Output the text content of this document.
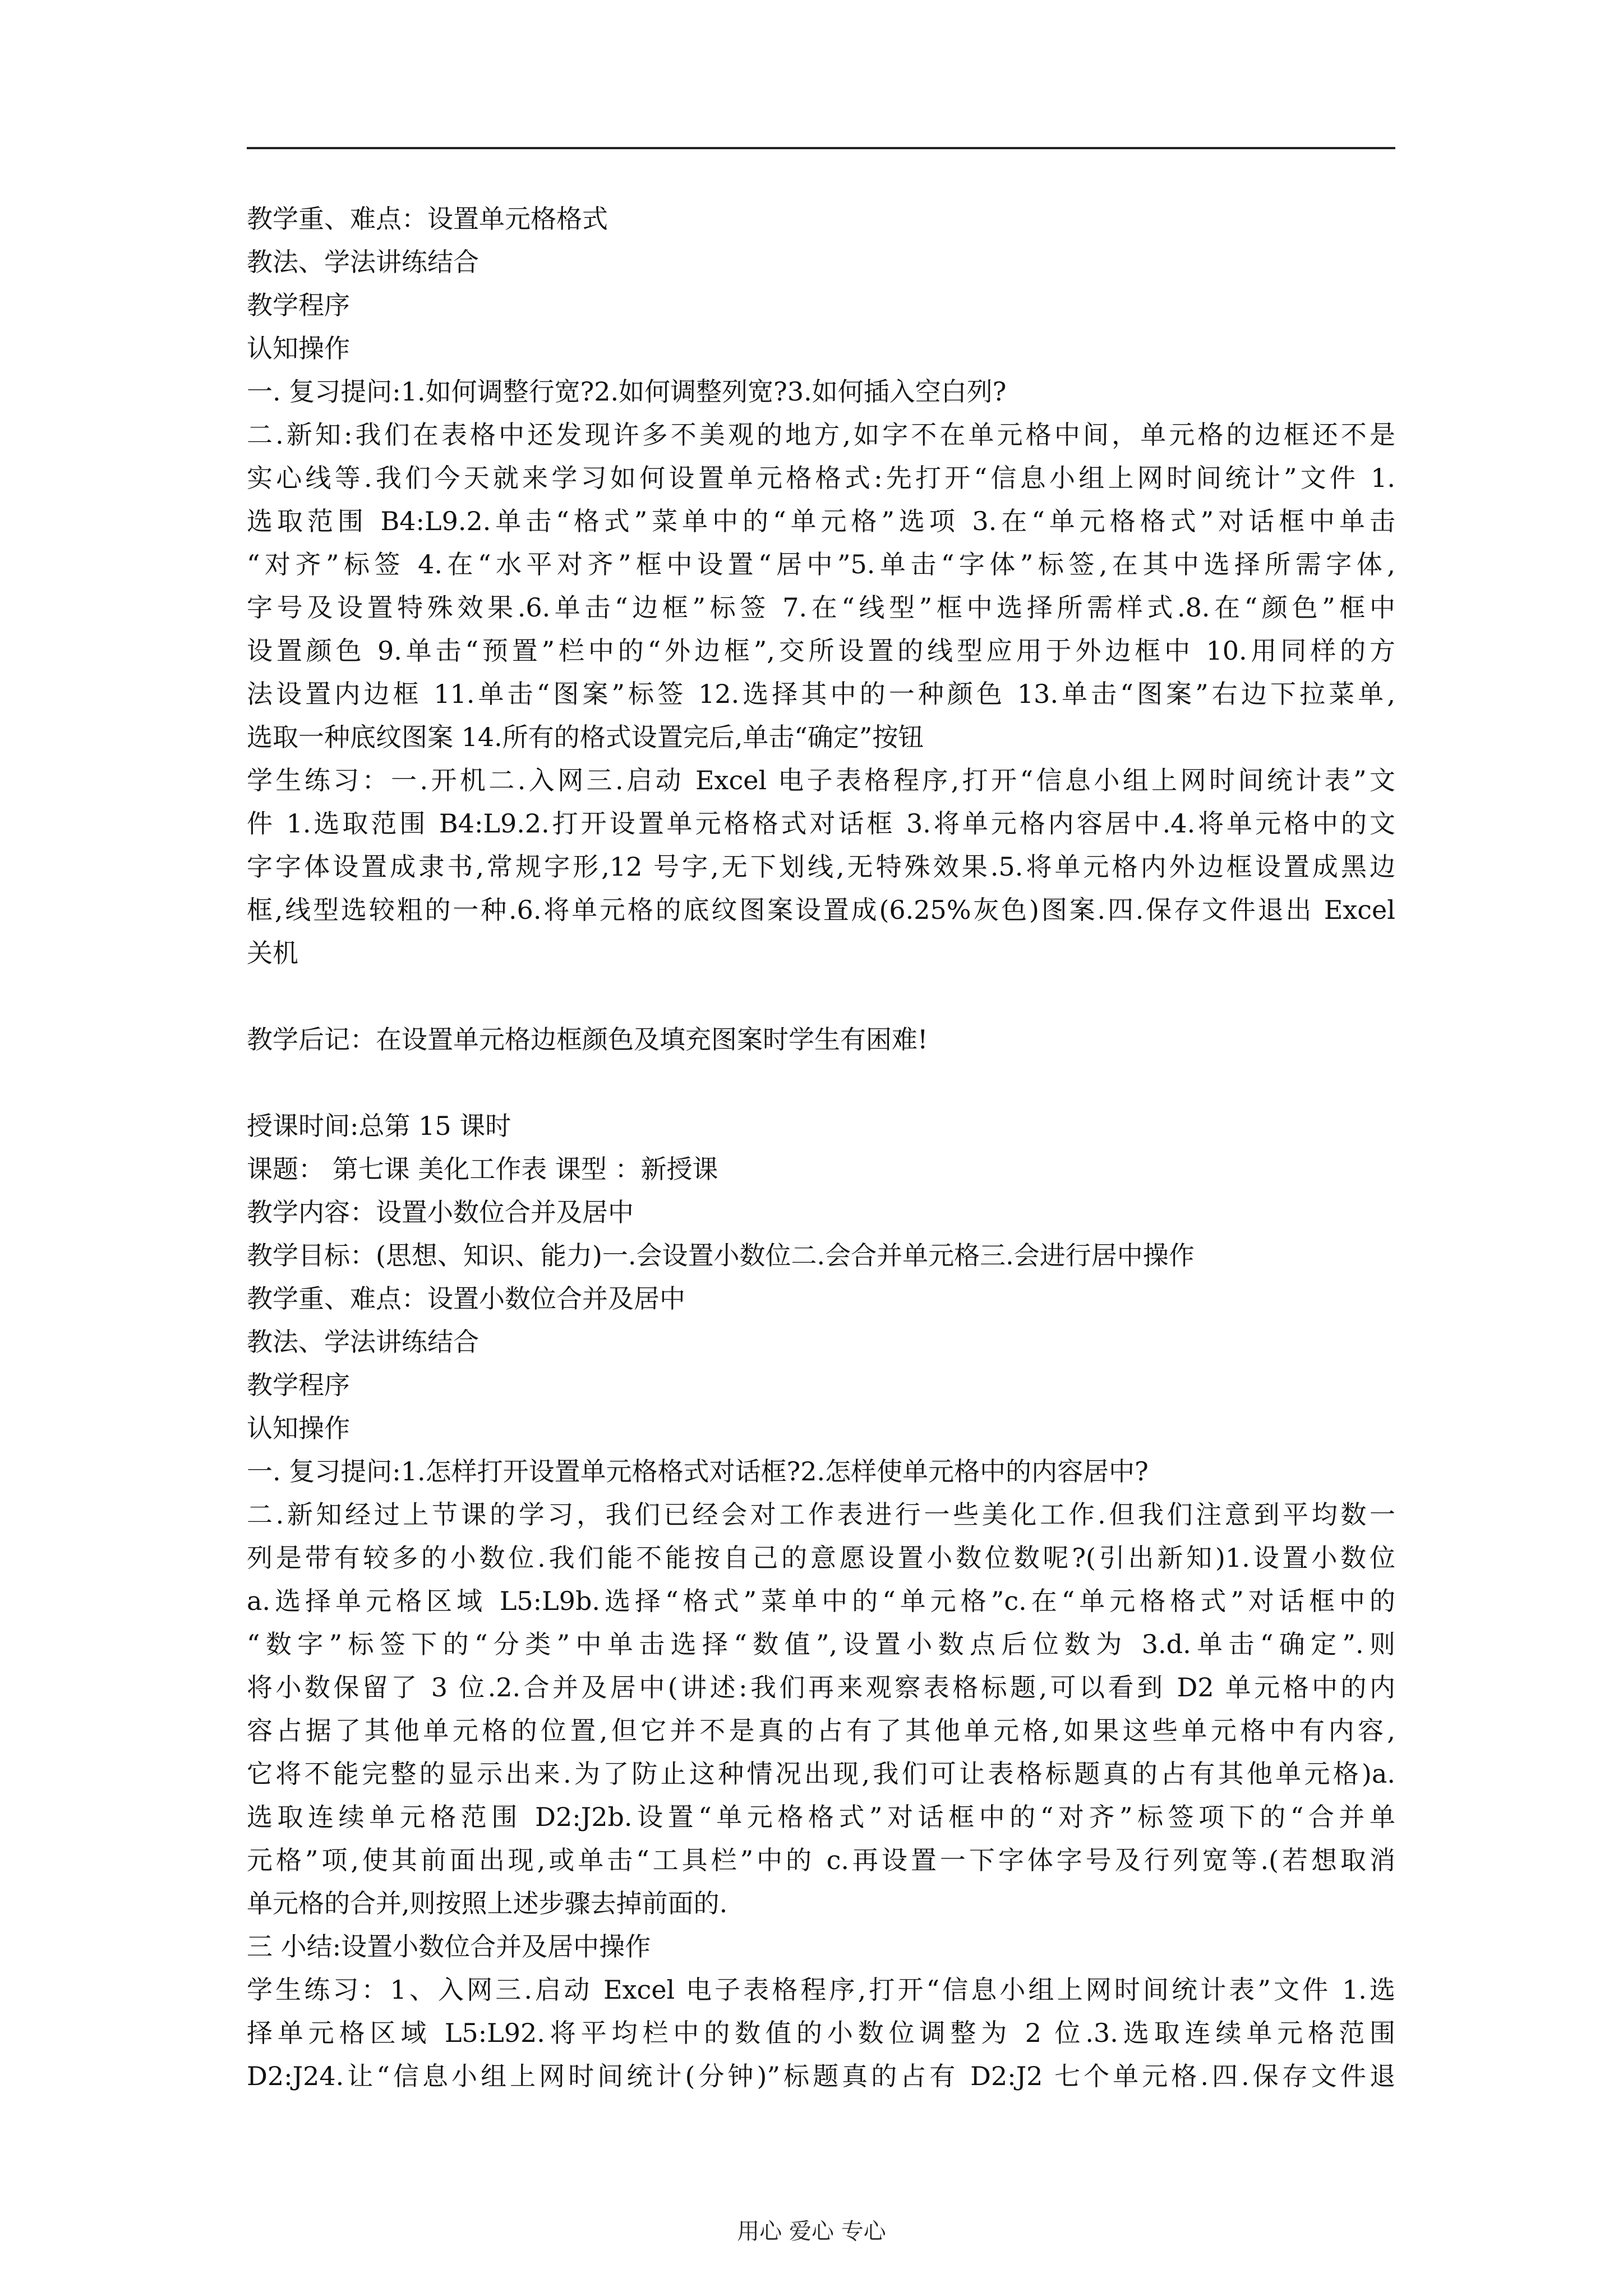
教学重、难点：设置单元格格式
教法、学法讲练结合
教学程序
认知操作
一. 复习提问:1.如何调整行宽?2.如何调整列宽?3.如何插入空白列?
二.新知:我们在表格中还发现许多不美观的地方,如字不在单元格中间，单元格的边框还不是
实心线等.我们今天就来学习如何设置单元格格式:先打开“信息小组上网时间统计”文件 1.
选取范围 B4:L9.2.单击“格式”菜单中的“单元格”选项 3.在“单元格格式”对话框中单击
“对齐”标签 4.在“水平对齐”框中设置“居中”5.单击“字体”标签,在其中选择所需字体,
字号及设置特殊效果.6.单击“边框”标签 7.在“线型”框中选择所需样式.8.在“颜色”框中
设置颜色 9.单击“预置”栏中的“外边框”,交所设置的线型应用于外边框中 10.用同样的方
法设置内边框 11.单击“图案”标签 12.选择其中的一种颜色 13.单击“图案”右边下拉菜单,
选取一种底纹图案 14.所有的格式设置完后,单击“确定”按钮
学生练习：一.开机二.入网三.启动 Excel 电子表格程序,打开“信息小组上网时间统计表”文
件 1.选取范围 B4:L9.2.打开设置单元格格式对话框 3.将单元格内容居中.4.将单元格中的文
字字体设置成隶书,常规字形,12 号字,无下划线,无特殊效果.5.将单元格内外边框设置成黑边
框,线型选较粗的一种.6.将单元格的底纹图案设置成(6.25%灰色)图案.四.保存文件退出 Excel
关机
教学后记：在设置单元格边框颜色及填充图案时学生有困难!
授课时间:总第 15 课时
课题： 第七课 美化工作表 课型 ：新授课
教学内容：设置小数位合并及居中
教学目标：(思想、知识、能力)一.会设置小数位二.会合并单元格三.会进行居中操作
教学重、难点：设置小数位合并及居中
教法、学法讲练结合
教学程序
认知操作
一. 复习提问:1.怎样打开设置单元格格式对话框?2.怎样使单元格中的内容居中?
二.新知经过上节课的学习，我们已经会对工作表进行一些美化工作.但我们注意到平均数一
列是带有较多的小数位.我们能不能按自己的意愿设置小数位数呢?(引出新知)1.设置小数位
a.选择单元格区域 L5:L9b.选择“格式”菜单中的“单元格”c.在“单元格格式”对话框中的
“数字”标签下的“分类”中单击选择“数值”,设置小数点后位数为 3.d.单击“确定”.则
将小数保留了 3 位.2.合并及居中(讲述:我们再来观察表格标题,可以看到 D2 单元格中的内
容占据了其他单元格的位置,但它并不是真的占有了其他单元格,如果这些单元格中有内容,
它将不能完整的显示出来.为了防止这种情况出现,我们可让表格标题真的占有其他单元格)a.
选取连续单元格范围 D2:J2b.设置“单元格格式”对话框中的“对齐”标签项下的“合并单
元格”项,使其前面出现,或单击“工具栏”中的 c.再设置一下字体字号及行列宽等.(若想取消
单元格的合并,则按照上述步骤去掉前面的.
三 小结:设置小数位合并及居中操作
学生练习：1、入网三.启动 Excel 电子表格程序,打开“信息小组上网时间统计表”文件 1.选
择单元格区域 L5:L92.将平均栏中的数值的小数位调整为 2 位.3.选取连续单元格范围
D2:J24.让“信息小组上网时间统计(分钟)”标题真的占有 D2:J2 七个单元格.四.保存文件退
用心 爱心 专心
